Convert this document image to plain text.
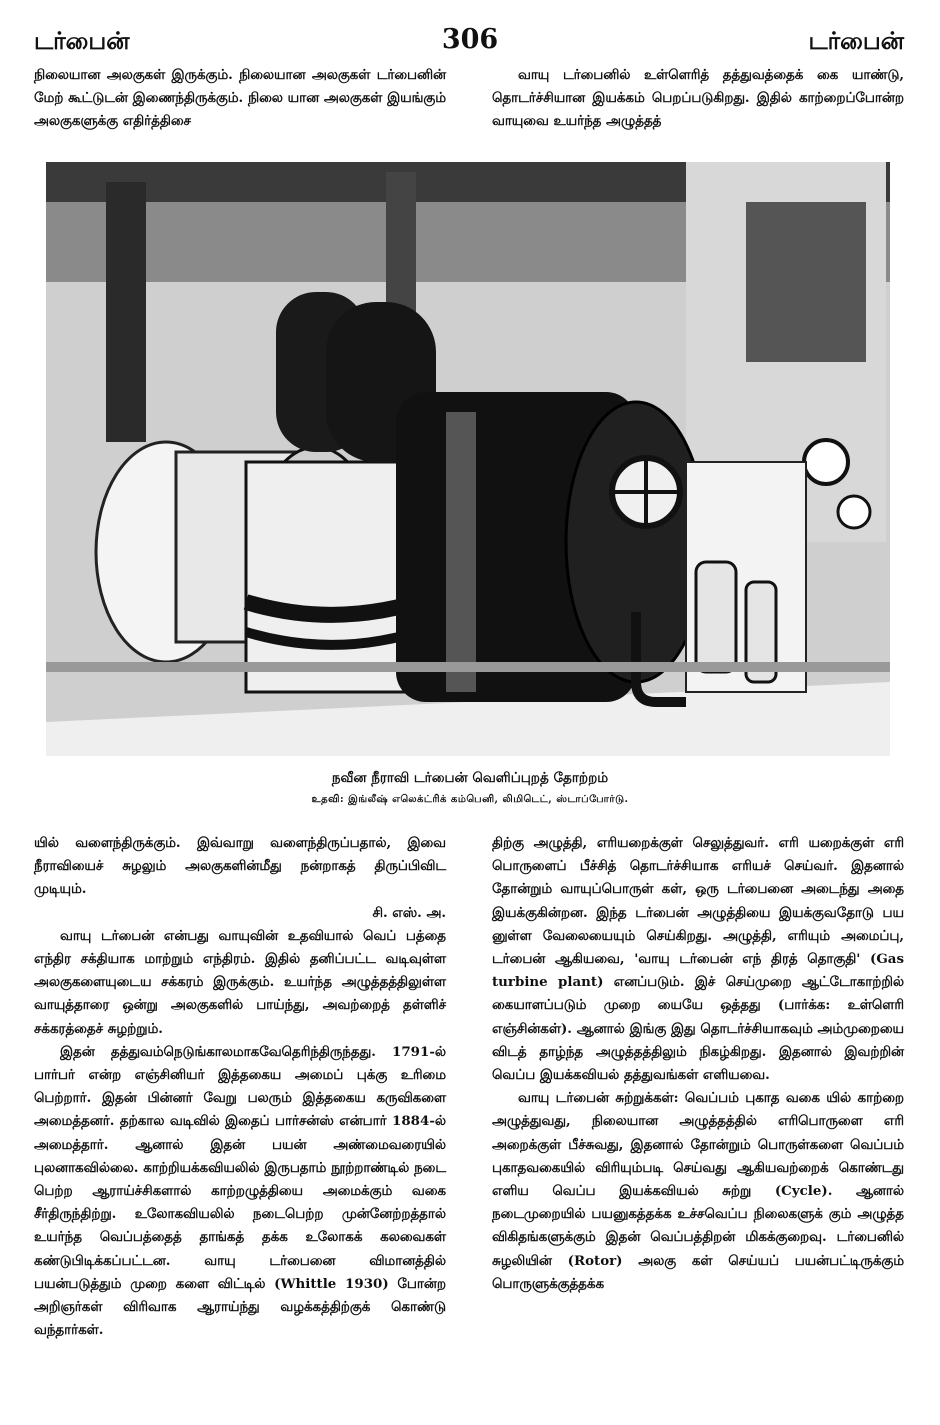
டர்பைன்	306	டர்பைன்

நிலையான அலகுகள் இருக்கும். நிலையான அலகுகள் டர்பைனின் மேற் கூட்டுடன் இணைந்திருக்கும். நிலை யான அலகுகள் இயங்கும் அலகுகளுக்கு எதிர்த்திசை

வாயு டர்பைனில் உள்ளெரித் தத்துவத்தைக் கை யாண்டு, தொடர்ச்சியான இயக்கம் பெறப்படுகிறது. இதில் காற்றைப்போன்ற வாயுவை உயர்ந்த அழுத்தத்

நவீன நீராவி டர்பைன் வெளிப்புறத் தோற்றம்
உதவி: இங்லீஷ் எலெக்ட்ரிக் கம்பெனி, லிமிடெட், ஸ்டாப்போர்டு.

யில் வளைந்திருக்கும். இவ்வாறு வளைந்திருப்பதால், இவை நீராவியைச் சுழலும் அலகுகளின்மீது நன்றாகத் திருப்பிவிட முடியும்.

சி. எஸ். அ.

வாயு டர்பைன் என்பது வாயுவின் உதவியால் வெப் பத்தை எந்திர சக்தியாக மாற்றும் எந்திரம். இதில் தனிப்பட்ட வடிவுள்ள அலகுகளையுடைய சக்கரம் இருக்கும். உயர்ந்த அழுத்தத்திலுள்ள வாயுத்தாரை ஒன்று அலகுகளில் பாய்ந்து, அவற்றைத் தள்ளிச் சக்கரத்தைச் சுழற்றும்.

இதன் தத்துவம்நெடுங்காலமாகவேதெரிந்திருந்தது. 1791-ல் பார்பர் என்ற எஞ்சினியர் இத்தகைய அமைப் புக்கு உரிமை பெற்றார். இதன் பின்னர் வேறு பலரும் இத்தகைய கருவிகளை அமைத்தனர். தற்கால வடிவில் இதைப் பார்சன்ஸ் என்பார் 1884-ல் அமைத்தார். ஆனால் இதன் பயன் அண்மைவரையில் புலனாகவில்லை. காற்றியக்கவியலில் இருபதாம் நூற்றாண்டில் நடை பெற்ற ஆராய்ச்சிகளால் காற்றழுத்தியை அமைக்கும் வகை சீர்திருந்திற்று. உலோகவியலில் நடைபெற்ற முன்னேற்றத்தால் உயர்ந்த வெப்பத்தைத் தாங்கத் தக்க உலோகக் கலவைகள் கண்டுபிடிக்கப்பட்டன. வாயு டர்பைனை விமானத்தில் பயன்படுத்தும் முறை களை விட்டில் (Whittle 1930) போன்ற அறிஞர்கள் விரிவாக ஆராய்ந்து வழக்கத்திற்குக் கொண்டு வந்தார்கள்.

திற்கு அழுத்தி, எரியறைக்குள் செலுத்துவர். எரி யறைக்குள் எரி பொருளைப் பீச்சித் தொடர்ச்சியாக எரியச் செய்வர். இதனால் தோன்றும் வாயுப்பொருள் கள், ஒரு டர்பைனை அடைந்து அதை இயக்குகின்றன. இந்த டர்பைன் அழுத்தியை இயக்குவதோடு பய னுள்ள வேலையையும் செய்கிறது. அழுத்தி, எரியும் அமைப்பு, டர்பைன் ஆகியவை, 'வாயு டர்பைன் எந் திரத் தொகுதி' (Gas turbine plant) எனப்படும். இச் செய்முறை ஆட்டோகாற்றில் கையாளப்படும் முறை யையே ஒத்தது (பார்க்க: உள்ளெரி எஞ்சின்கள்). ஆனால் இங்கு இது தொடர்ச்சியாகவும் அம்முறையை விடத் தாழ்ந்த அழுத்தத்திலும் நிகழ்கிறது. இதனால் இவற்றின் வெப்ப இயக்கவியல் தத்துவங்கள் எளியவை.

வாயு டர்பைன் சுற்றுக்கள்: வெப்பம் புகாத வகை யில் காற்றை அழுத்துவது, நிலையான அழுத்தத்தில் எரிபொருளை எரி அறைக்குள் பீச்சுவது, இதனால் தோன்றும் பொருள்களை வெப்பம் புகாதவகையில் விரியும்படி செய்வது ஆகியவற்றைக் கொண்டது எளிய வெப்ப இயக்கவியல் சுற்று (Cycle). ஆனால் நடைமுறையில் பயனுகத்தக்க உச்சவெப்ப நிலைகளுக் கும் அழுத்த விகிதங்களுக்கும் இதன் வெப்பத்திறன் மிகக்குறைவு. டர்பைனில் சுழலியின் (Rotor) அலகு கள் செய்யப் பயன்பட்டிருக்கும் பொருளுக்குத்தக்க
